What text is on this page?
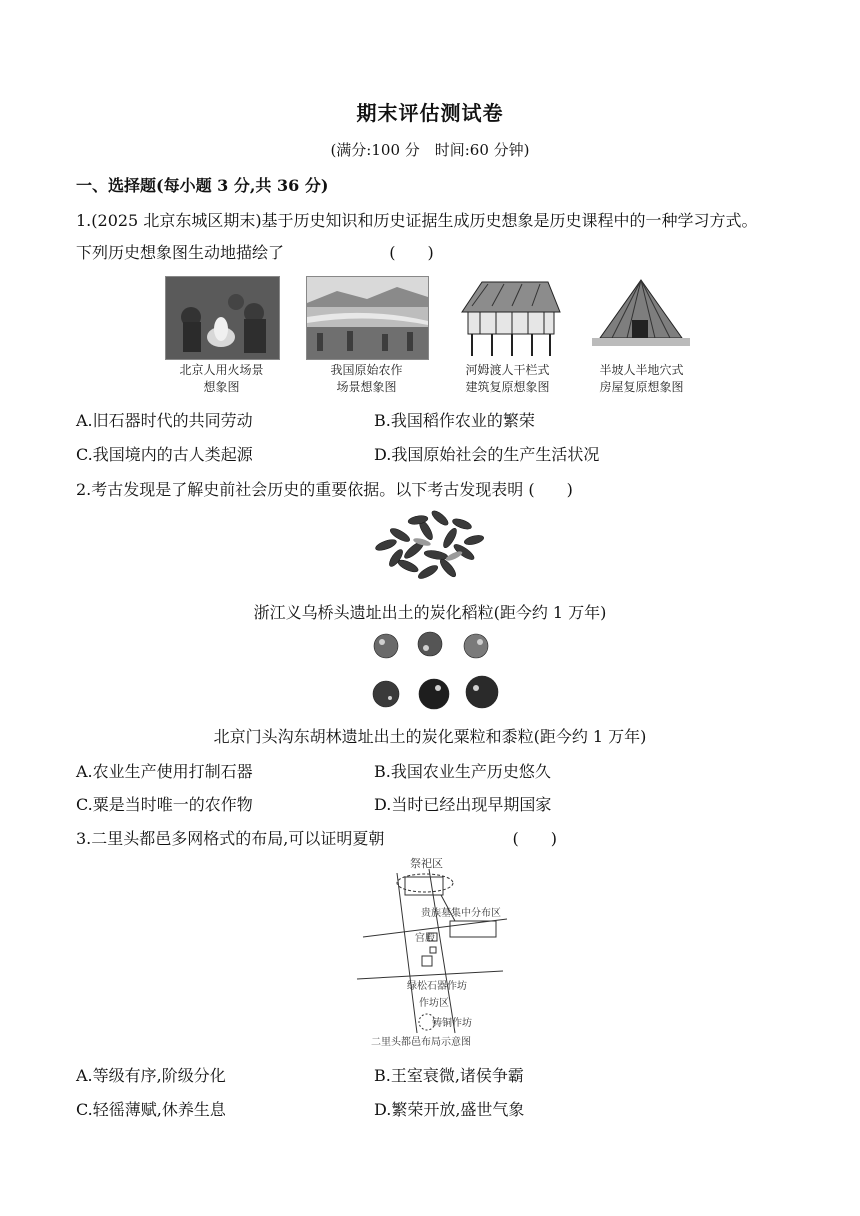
期末评估测试卷
(满分:100 分　时间:60 分钟)
一、选择题(每小题 3 分,共 36 分)
1.(2025 北京东城区期末)基于历史知识和历史证据生成历史想象是历史课程中的一种学习方式。
下列历史想象图生动地描绘了	(　　)
北京人用火场景
想象图
我国原始农作
场景想象图
河姆渡人干栏式
建筑复原想象图
半坡人半地穴式
房屋复原想象图
A.旧石器时代的共同劳动	B.我国稻作农业的繁荣
C.我国境内的古人类起源	D.我国原始社会的生产生活状况
2.考古发现是了解史前社会历史的重要依据。以下考古发现表明 (　　)
浙江义乌桥头遗址出土的炭化稻粒(距今约 1 万年)
北京门头沟东胡林遗址出土的炭化粟粒和黍粒(距今约 1 万年)
A.农业生产使用打制石器	B.我国农业生产历史悠久
C.粟是当时唯一的农作物	D.当时已经出现早期国家
3.二里头都邑多网格式的布局,可以证明夏朝	(　　)
祭祀区
贵族墓集中分布区
宫殿
绿松石器作坊
作坊区
铸铜作坊
二里头都邑布局示意图
A.等级有序,阶级分化	B.王室衰微,诸侯争霸
C.轻徭薄赋,休养生息	D.繁荣开放,盛世气象
